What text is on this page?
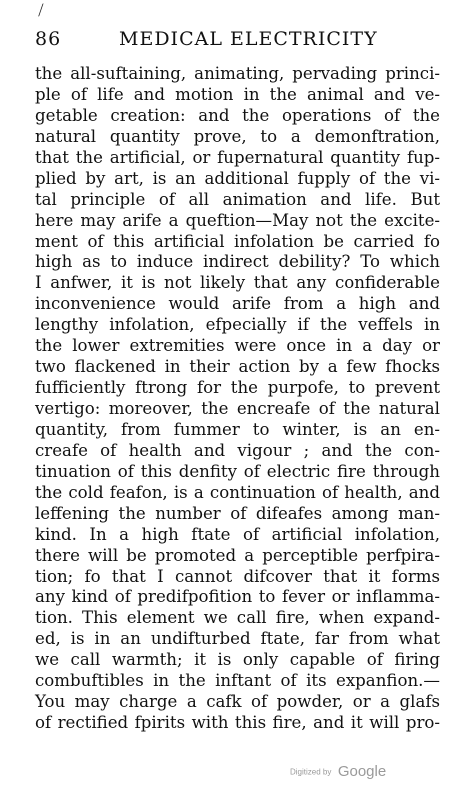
⁄
86	MEDICAL ELECTRICITY
the all-suftaining, animating, pervading princi-
ple of life and motion in the animal and ve-
getable creation: and the operations of the
natural quantity prove, to a demonftration,
that the artificial, or fupernatural quantity fup-
plied by art, is an additional fupply of the vi-
tal principle of all animation and life. But
here may arife a queftion—May not the excite-
ment of this artificial infolation be carried fo
high as to induce indirect debility? To which
I anfwer, it is not likely that any confiderable
inconvenience would arife from a high and
lengthy infolation, efpecially if the veffels in
the lower extremities were once in a day or
two flackened in their action by a few fhocks
fufficiently ftrong for the purpofe, to prevent
vertigo: moreover, the encreafe of the natural
quantity, from fummer to winter, is an en-
creafe of health and vigour ; and the con-
tinuation of this denfity of electric fire through
the cold feafon, is a continuation of health, and
leffening the number of difeafes among man-
kind. In a high ftate of artificial infolation,
there will be promoted a perceptible perfpira-
tion; fo that I cannot difcover that it forms
any kind of predifpofition to fever or inflamma-
tion. This element we call fire, when expand-
ed, is in an undifturbed ftate, far from what
we call warmth; it is only capable of firing
combuftibles in the inftant of its expanfion.—
You may charge a cafk of powder, or a glafs
of rectified fpirits with this fire, and it will pro-
Digitized by Google
